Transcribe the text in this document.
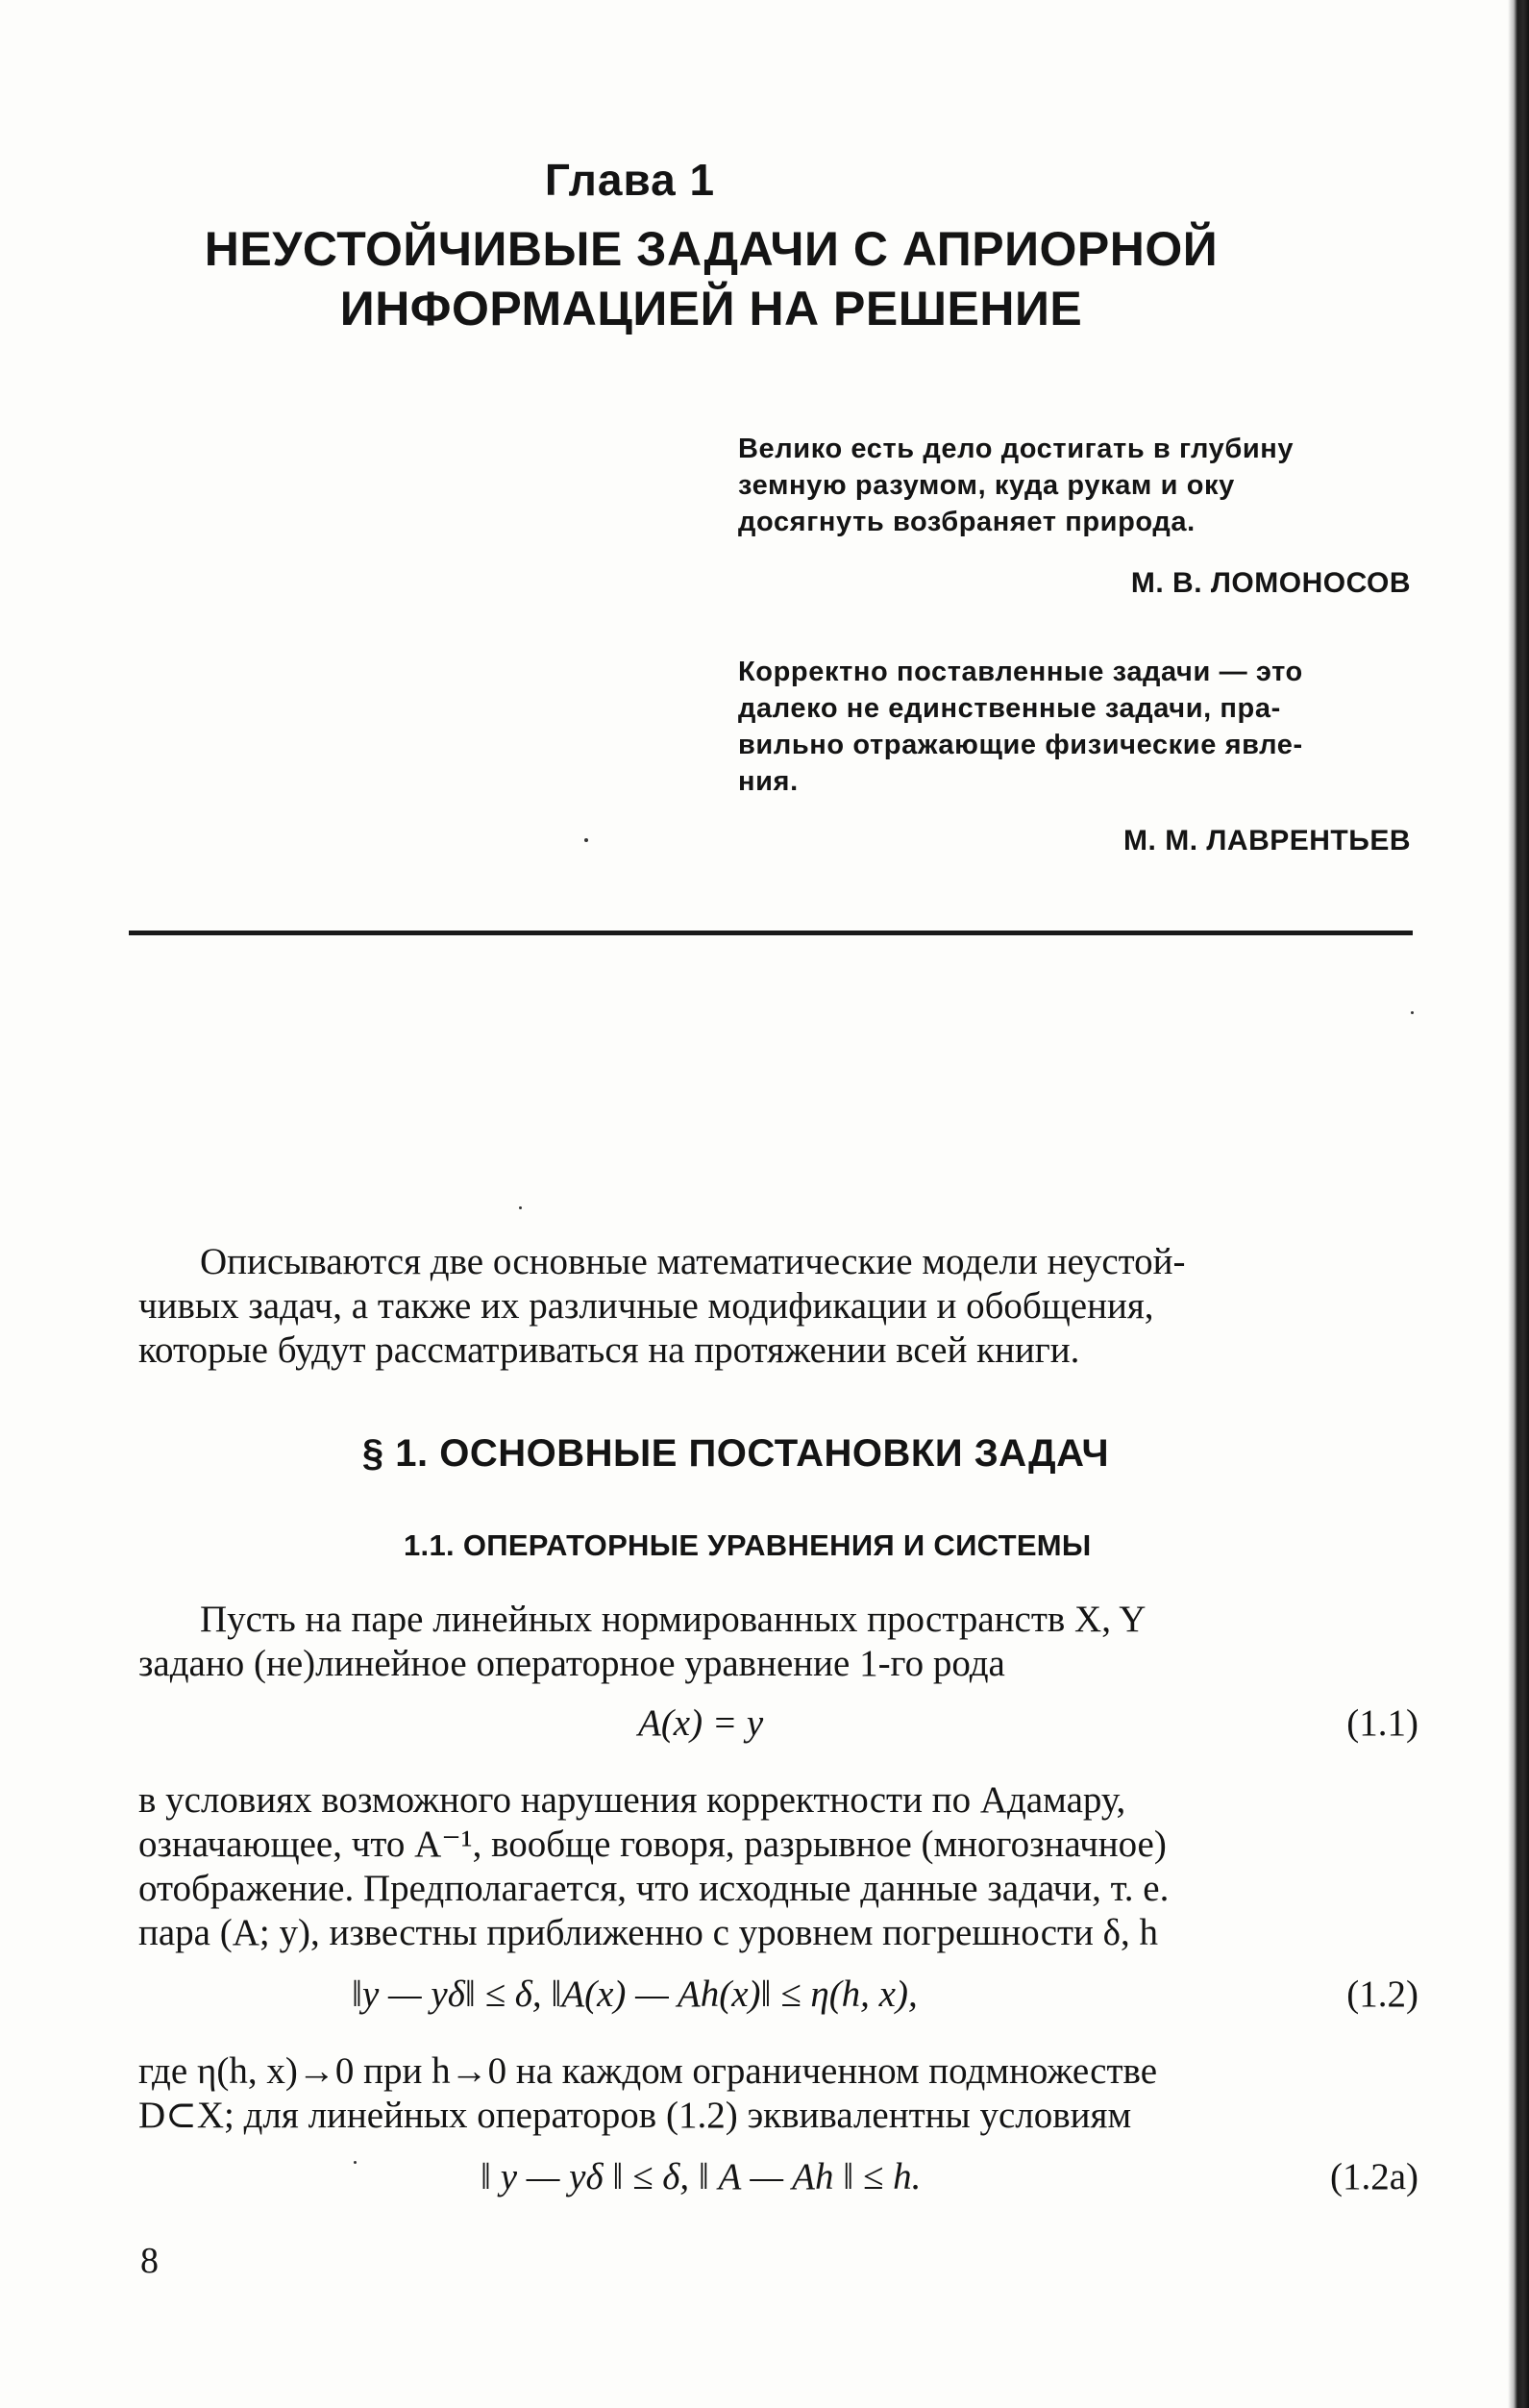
Глава 1
НЕУСТОЙЧИВЫЕ ЗАДАЧИ С АПРИОРНОЙ
ИНФОРМАЦИЕЙ НА РЕШЕНИЕ
Велико есть дело достигать в глубину
земную разумом, куда рукам и оку
досягнуть возбраняет природа.
М. В. ЛОМОНОСОВ
Корректно поставленные задачи — это
далеко не единственные задачи, пра-
вильно отражающие физические явле-
ния.
М. М. ЛАВРЕНТЬЕВ
Описываются две основные математические модели неустой-
чивых задач, а также их различные модификации и обобщения,
которые будут рассматриваться на протяжении всей книги.
§ 1. ОСНОВНЫЕ ПОСТАНОВКИ ЗАДАЧ
1.1. ОПЕРАТОРНЫЕ УРАВНЕНИЯ И СИСТЕМЫ
Пусть на паре линейных нормированных пространств X, Y
задано (не)линейное операторное уравнение 1-го рода
A(x) = y	(1.1)
в условиях возможного нарушения корректности по Адамару,
означающее, что A⁻¹, вообще говоря, разрывное (многозначное)
отображение. Предполагается, что исходные данные задачи, т. е.
пара (A; y), известны приближенно с уровнем погрешности δ, h
‖y — yδ‖ ≤ δ, ‖A(x) — Ah(x)‖ ≤ η(h, x),	(1.2)
где η(h, x)→0 при h→0 на каждом ограниченном подмножестве
D⊂X; для линейных операторов (1.2) эквивалентны условиям
‖ y — yδ ‖ ≤ δ, ‖ A — Ah ‖ ≤ h.	(1.2a)
8
